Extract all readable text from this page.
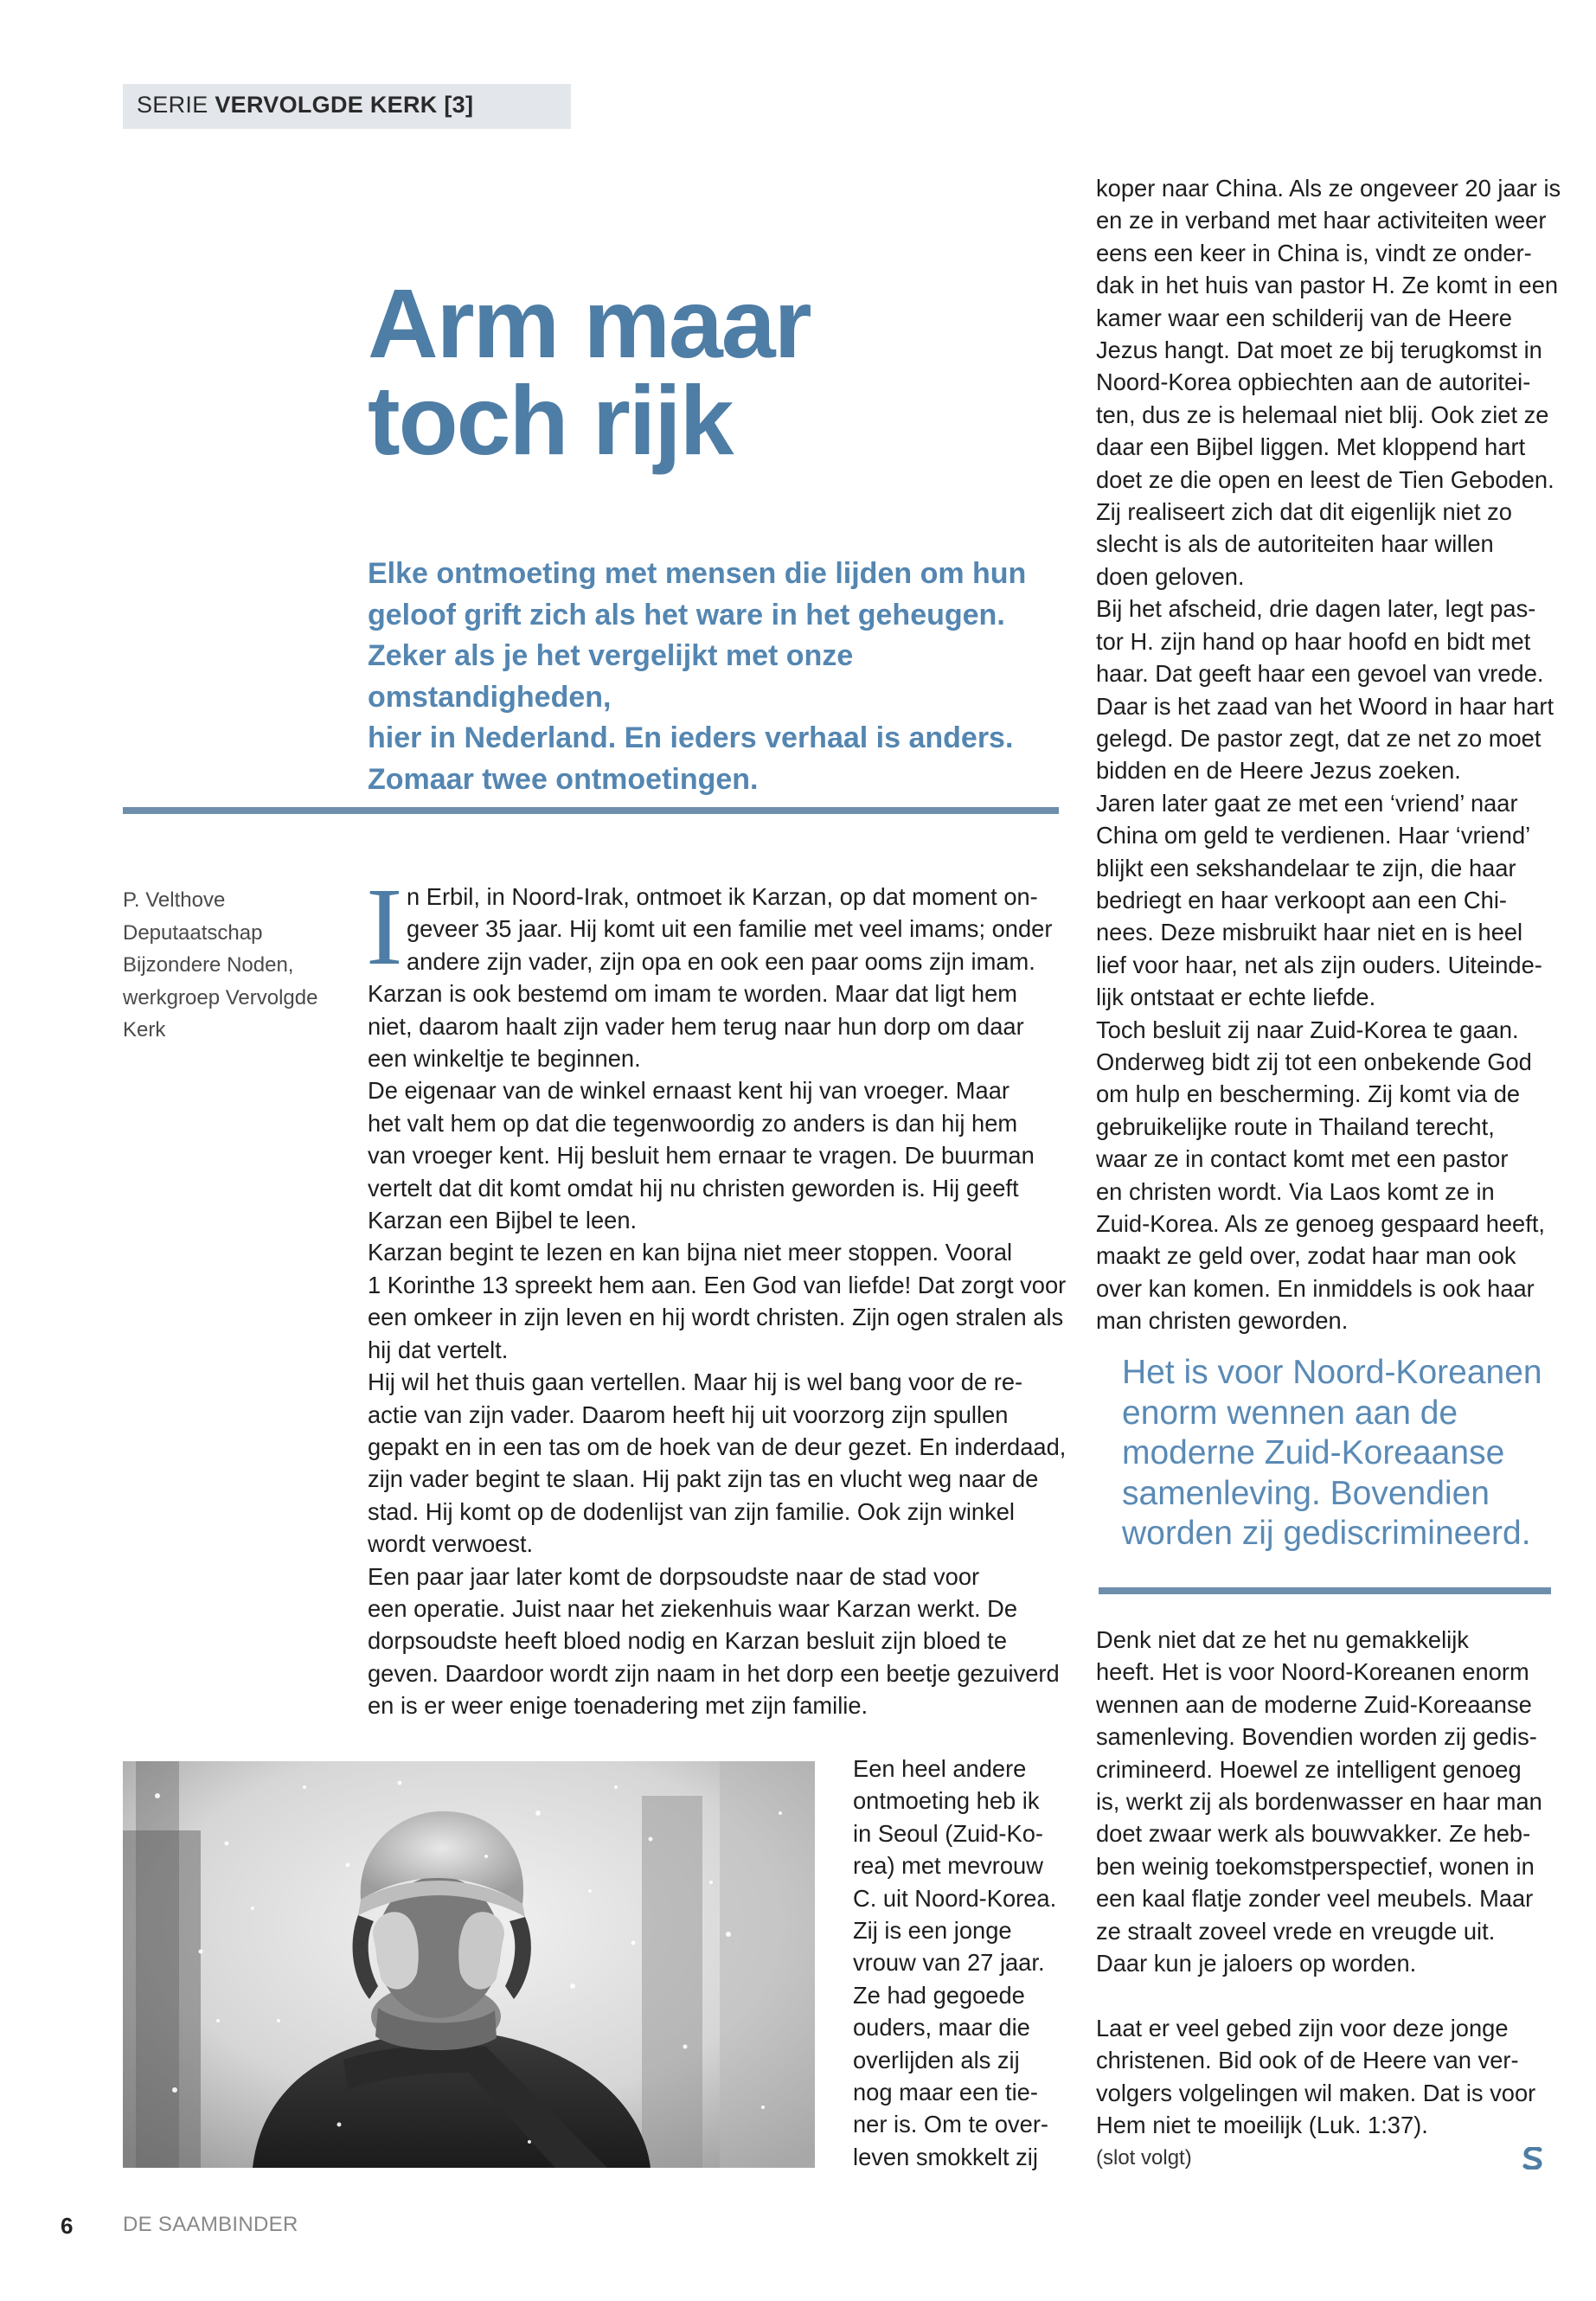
SERIE VERVOLGDE KERK [3]
Arm maar
toch rijk

Elke ontmoeting met mensen die lijden om hun
geloof grift zich als het ware in het geheugen.
Zeker als je het vergelijkt met onze omstandigheden,
hier in Nederland. En ieders verhaal is anders.
Zomaar twee ontmoetingen.

P. Velthove
Deputaatschap
Bijzondere Noden,
werkgroep Vervolgde
Kerk
I n Erbil, in Noord-Irak, ontmoet ik Karzan, op dat moment on-
geveer 35 jaar. Hij komt uit een familie met veel imams; onder
andere zijn vader, zijn opa en ook een paar ooms zijn imam.
Karzan is ook bestemd om imam te worden. Maar dat ligt hem
niet, daarom haalt zijn vader hem terug naar hun dorp om daar
een winkeltje te beginnen.
De eigenaar van de winkel ernaast kent hij van vroeger. Maar
het valt hem op dat die tegenwoordig zo anders is dan hij hem
van vroeger kent. Hij besluit hem ernaar te vragen. De buurman
vertelt dat dit komt omdat hij nu christen geworden is. Hij geeft
Karzan een Bijbel te leen.
Karzan begint te lezen en kan bijna niet meer stoppen. Vooral
1 Korinthe 13 spreekt hem aan. Een God van liefde! Dat zorgt voor
een omkeer in zijn leven en hij wordt christen. Zijn ogen stralen als
hij dat vertelt.
Hij wil het thuis gaan vertellen. Maar hij is wel bang voor de re-
actie van zijn vader. Daarom heeft hij uit voorzorg zijn spullen
gepakt en in een tas om de hoek van de deur gezet. En inderdaad,
zijn vader begint te slaan. Hij pakt zijn tas en vlucht weg naar de
stad. Hij komt op de dodenlijst van zijn familie. Ook zijn winkel
wordt verwoest.
Een paar jaar later komt de dorpsoudste naar de stad voor
een operatie. Juist naar het ziekenhuis waar Karzan werkt. De
dorpsoudste heeft bloed nodig en Karzan besluit zijn bloed te
geven. Daardoor wordt zijn naam in het dorp een beetje gezuiverd
en is er weer enige toenadering met zijn familie.
Een heel andere
ontmoeting heb ik
in Seoul (Zuid-Ko-
rea) met mevrouw
C. uit Noord-Korea.
Zij is een jonge
vrouw van 27 jaar.
Ze had gegoede
ouders, maar die
overlijden als zij
nog maar een tie-
ner is. Om te over-
leven smokkelt zij
koper naar China. Als ze ongeveer 20 jaar is
en ze in verband met haar activiteiten weer
eens een keer in China is, vindt ze onder-
dak in het huis van pastor H. Ze komt in een
kamer waar een schilderij van de Heere
Jezus hangt. Dat moet ze bij terugkomst in
Noord-Korea opbiechten aan de autoritei-
ten, dus ze is helemaal niet blij. Ook ziet ze
daar een Bijbel liggen. Met kloppend hart
doet ze die open en leest de Tien Geboden.
Zij realiseert zich dat dit eigenlijk niet zo
slecht is als de autoriteiten haar willen
doen geloven.
Bij het afscheid, drie dagen later, legt pas-
tor H. zijn hand op haar hoofd en bidt met
haar. Dat geeft haar een gevoel van vrede.
Daar is het zaad van het Woord in haar hart
gelegd. De pastor zegt, dat ze net zo moet
bidden en de Heere Jezus zoeken.
Jaren later gaat ze met een ‘vriend’ naar
China om geld te verdienen. Haar ‘vriend’
blijkt een sekshandelaar te zijn, die haar
bedriegt en haar verkoopt aan een Chi-
nees. Deze misbruikt haar niet en is heel
lief voor haar, net als zijn ouders. Uiteinde-
lijk ontstaat er echte liefde.
Toch besluit zij naar Zuid-Korea te gaan.
Onderweg bidt zij tot een onbekende God
om hulp en bescherming. Zij komt via de
gebruikelijke route in Thailand terecht,
waar ze in contact komt met een pastor
en christen wordt. Via Laos komt ze in
Zuid-Korea. Als ze genoeg gespaard heeft,
maakt ze geld over, zodat haar man ook
over kan komen. En inmiddels is ook haar
man christen geworden.
Het is voor Noord-Koreanen
enorm wennen aan de
moderne Zuid-Koreaanse
samenleving. Bovendien
worden zij gediscrimineerd.
Denk niet dat ze het nu gemakkelijk
heeft. Het is voor Noord-Koreanen enorm
wennen aan de moderne Zuid-Koreaanse
samenleving. Bovendien worden zij gedis-
crimineerd. Hoewel ze intelligent genoeg
is, werkt zij als bordenwasser en haar man
doet zwaar werk als bouwvakker. Ze heb-
ben weinig toekomstperspectief, wonen in
een kaal flatje zonder veel meubels. Maar
ze straalt zoveel vrede en vreugde uit.
Daar kun je jaloers op worden.

Laat er veel gebed zijn voor deze jonge
christenen. Bid ook of de Heere van ver-
volgers volgelingen wil maken. Dat is voor
Hem niet te moeilijk (Luk. 1:37).
(slot volgt)
6 DE SAAMBINDER
